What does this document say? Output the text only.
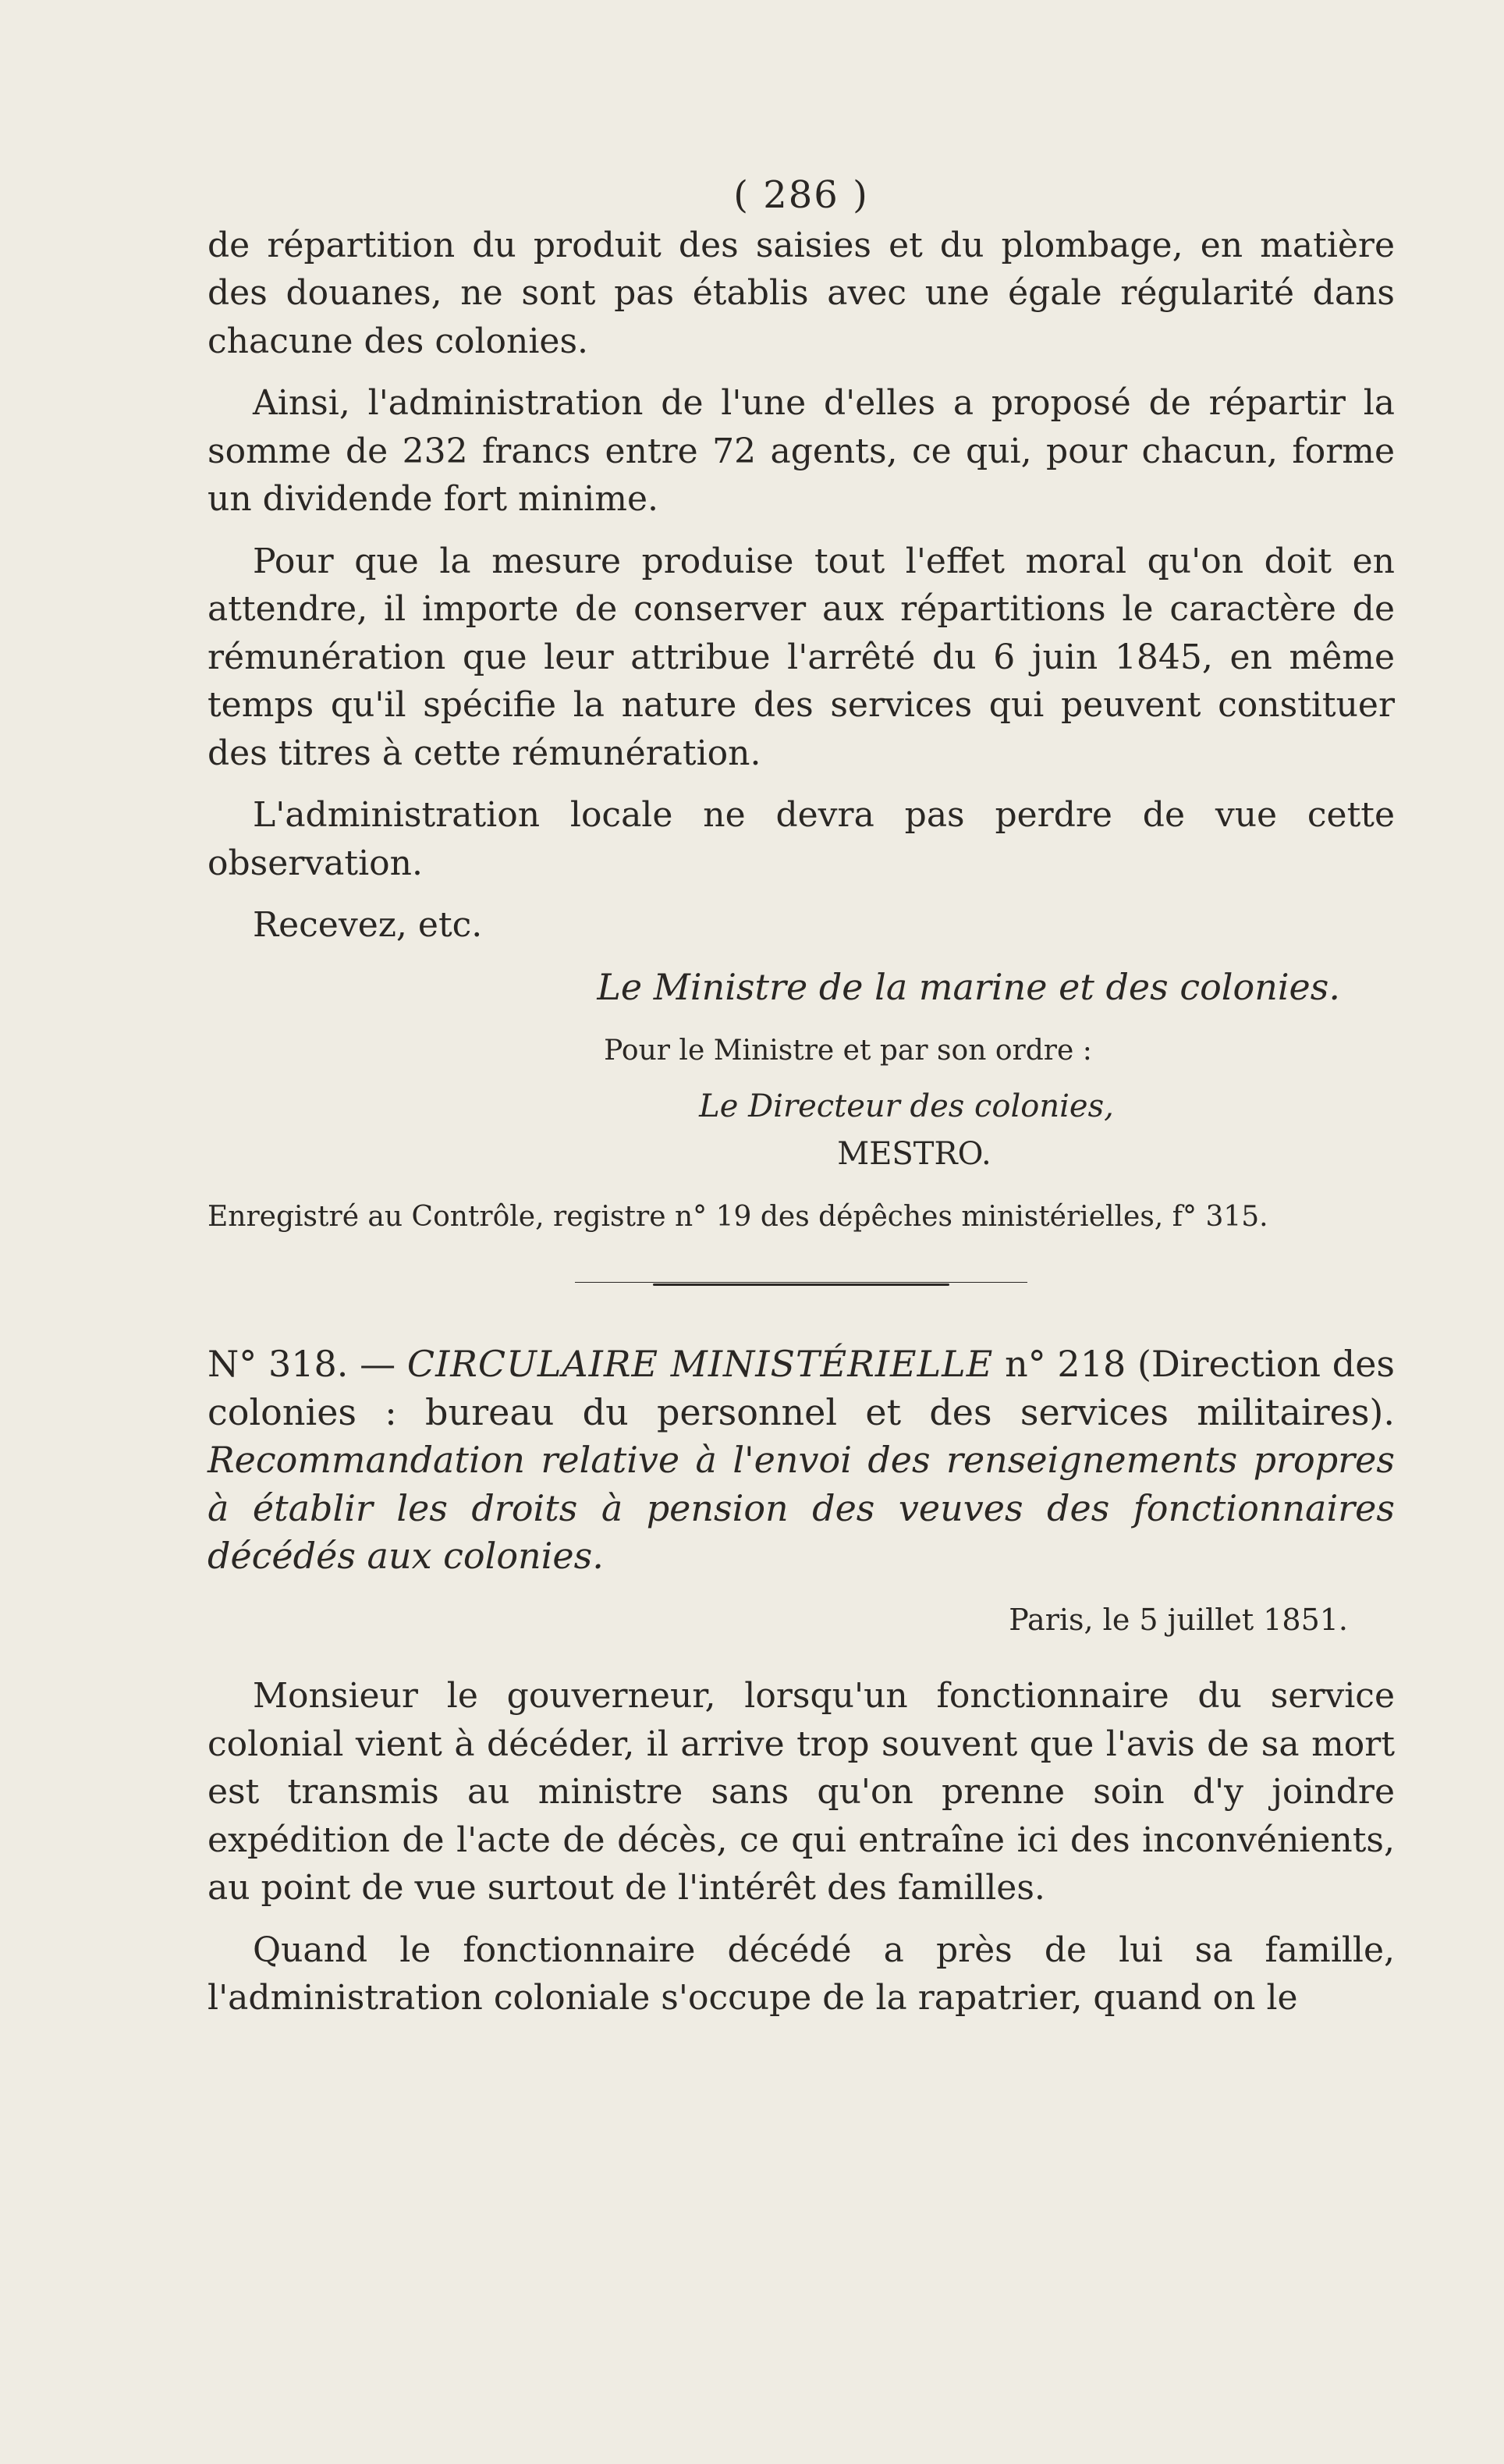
( 286 )

de répartition du produit des saisies et du plombage, en matière des douanes, ne sont pas établis avec une égale régularité dans chacune des colonies.

Ainsi, l'administration de l'une d'elles a proposé de répartir la somme de 232 francs entre 72 agents, ce qui, pour chacun, forme un dividende fort minime.

Pour que la mesure produise tout l'effet moral qu'on doit en attendre, il importe de conserver aux répartitions le caractère de rémunération que leur attribue l'arrêté du 6 juin 1845, en même temps qu'il spécifie la nature des services qui peuvent constituer des titres à cette rémunération.

L'administration locale ne devra pas perdre de vue cette observation.

Recevez, etc.

Le Ministre de la marine et des colonies.
Pour le Ministre et par son ordre :
Le Directeur des colonies,
MESTRO.
Enregistré au Contrôle, registre n° 19 des dépêches ministérielles, f° 315.
N° 318. — CIRCULAIRE MINISTÉRIELLE n° 218 (Direction des colonies : bureau du personnel et des services militaires). Recommandation relative à l'envoi des renseignements propres à établir les droits à pension des veuves des fonctionnaires décédés aux colonies.
Paris, le 5 juillet 1851.

Monsieur le gouverneur, lorsqu'un fonctionnaire du service colonial vient à décéder, il arrive trop souvent que l'avis de sa mort est transmis au ministre sans qu'on prenne soin d'y joindre expédition de l'acte de décès, ce qui entraîne ici des inconvénients, au point de vue surtout de l'intérêt des familles.

Quand le fonctionnaire décédé a près de lui sa famille, l'administration coloniale s'occupe de la rapatrier, quand on le
